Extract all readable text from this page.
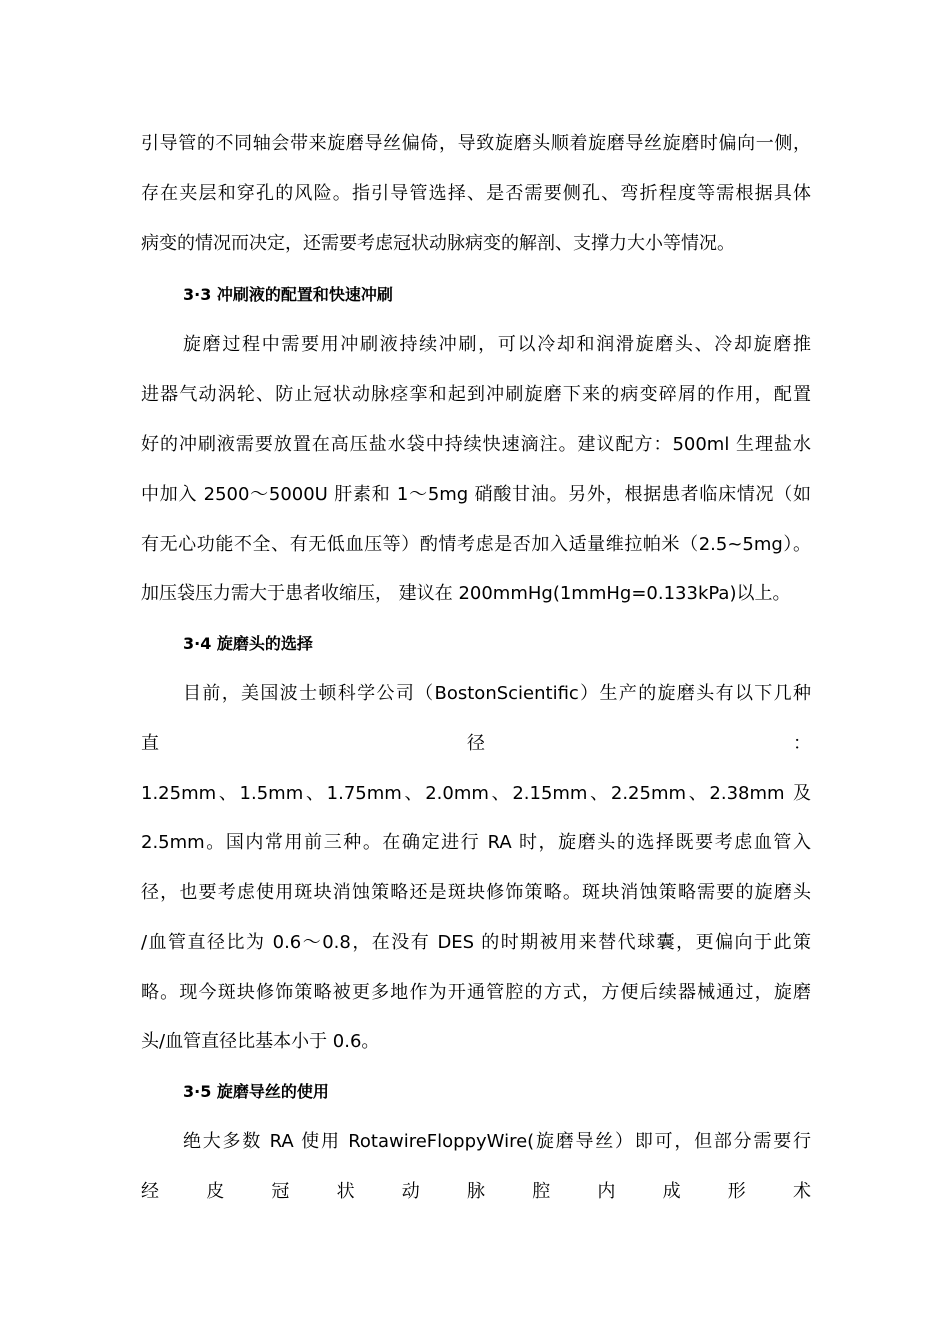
引导管的不同轴会带来旋磨导丝偏倚，导致旋磨头顺着旋磨导丝旋磨时偏向一侧，
存在夹层和穿孔的风险。指引导管选择、是否需要侧孔、弯折程度等需根据具体
病变的情况而决定，还需要考虑冠状动脉病变的解剖、支撑力大小等情况。
3·3 冲刷液的配置和快速冲刷
旋磨过程中需要用冲刷液持续冲刷，可以冷却和润滑旋磨头、冷却旋磨推
进器气动涡轮、防止冠状动脉痉挛和起到冲刷旋磨下来的病变碎屑的作用，配置
好的冲刷液需要放置在高压盐水袋中持续快速滴注。建议配方：500ml 生理盐水
中加入 2500～5000U 肝素和 1～5mg 硝酸甘油。另外，根据患者临床情况（如
有无心功能不全、有无低血压等）酌情考虑是否加入适量维拉帕米（2.5~5mg）。
加压袋压力需大于患者收缩压， 建议在 200mmHg(1mmHg=0.133kPa)以上。
3·4 旋磨头的选择
目前，美国波士顿科学公司（BostonScientific）生产的旋磨头有以下几种
直 径 ：
1.25mm、1.5mm、1.75mm、2.0mm、2.15mm、2.25mm、2.38mm 及
2.5mm。国内常用前三种。在确定进行 RA 时，旋磨头的选择既要考虑血管入
径，也要考虑使用斑块消蚀策略还是斑块修饰策略。斑块消蚀策略需要的旋磨头
/血管直径比为 0.6～0.8，在没有 DES 的时期被用来替代球囊，更偏向于此策
略。现今斑块修饰策略被更多地作为开通管腔的方式，方便后续器械通过，旋磨
头/血管直径比基本小于 0.6。
3·5 旋磨导丝的使用
绝大多数 RA 使用 RotawireFloppyWire(旋磨导丝）即可，但部分需要行
经 皮 冠 状 动 脉 腔 内 成 形 术
